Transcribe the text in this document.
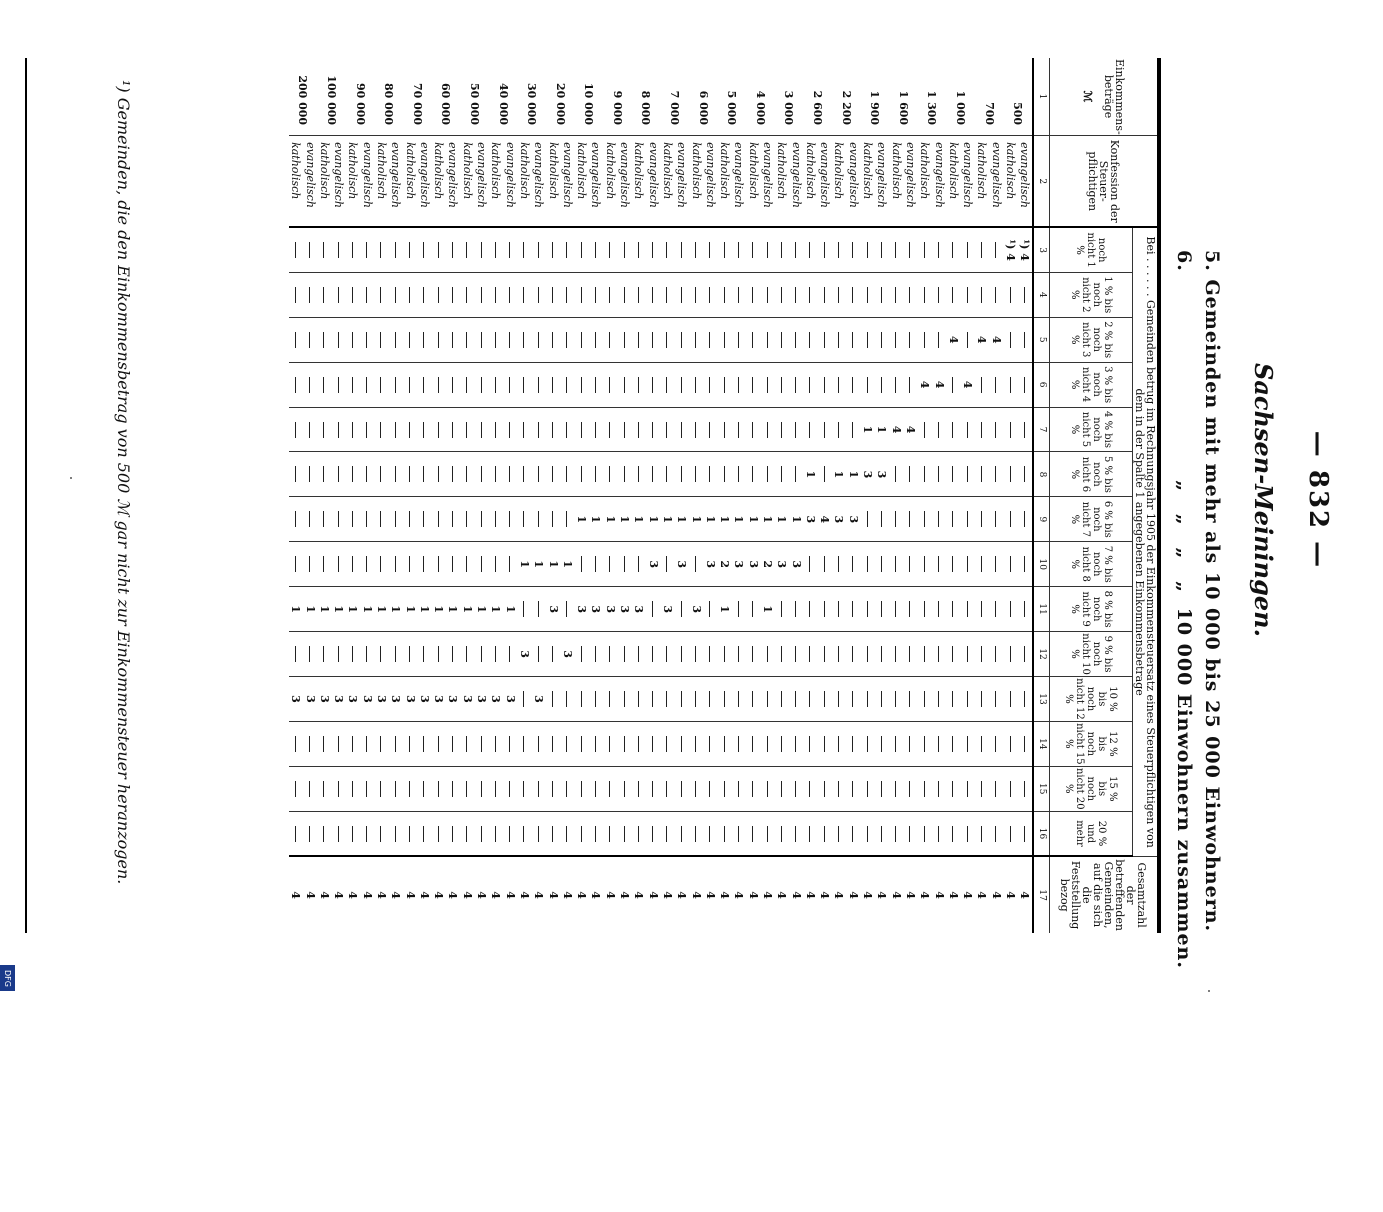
— 832 —
Sachsen-Meiningen.
5. Gemeinden mit mehr als 10 000 bis 25 000 Einwohnern.
6.  „ „ „ „ 10 000 Einwohnern zusammen.
Einkommens-beträge
ℳ	Konfession der Steuer-pflichtigen	Bei . . . . . . Gemeinden betrug im Rechnungsjahr 1905 der Einkommensteuersatz eines Steuerpflichtigen von dem in der Spalte 1 angegebenen Einkommensbetrage														Gesamtzahl der betreffenden Gemeinden, auf die sich die Feststellung bezog
		noch nicht 1 %	1 % bis noch nicht 2 %	2 % bis noch nicht 3 %	3 % bis noch nicht 4 %	4 % bis noch nicht 5 %	5 % bis noch nicht 6 %	6 % bis noch nicht 7 %	7 % bis noch nicht 8 %	8 % bis noch nicht 9 %	9 % bis noch nicht 10 %	10 % bis noch nicht 12 %	12 % bis noch nicht 15 %	15 % bis noch nicht 20 %	20 % und mehr	
1	2	3	4	5	6	7	8	9	10	11	12	13	14	15	16	17
500	evangelisch	¹) 4														4
	katholisch	¹) 4														4
700	evangelisch			4												4
	katholisch			4												4
1 000	evangelisch				4											4
	katholisch			4												4
1 300	evangelisch				4											4
	katholisch				4											4
1 600	evangelisch					4										4
	katholisch					4										4
1 900	evangelisch					1	3									4
	katholisch					1	3									4
2 200	evangelisch						1	3								4
	katholisch						1	3								4
2 600	evangelisch							4								4
	katholisch						1	3								4
3 000	evangelisch							1	3							4
	katholisch							1	3							4
4 000	evangelisch							1	2	1						4
	katholisch							1	3							4
5 000	evangelisch							1	3							4
	katholisch							1	2	1						4
6 000	evangelisch							1	3							4
	katholisch							1		3						4
7 000	evangelisch							1	3							4
	katholisch							1		3						4
8 000	evangelisch							1	3							4
	katholisch							1		3						4
9 000	evangelisch							1		3						4
	katholisch							1		3						4
10 000	evangelisch							1		3						4
	katholisch							1		3						4
20 000	evangelisch								1		3					4
	katholisch								1	3						4
30 000	evangelisch								1			3				4
	katholisch								1		3					4
40 000	evangelisch									1		3				4
	katholisch									1		3				4
50 000	evangelisch									1		3				4
	katholisch									1		3				4
60 000	evangelisch									1		3				4
	katholisch									1		3				4
70 000	evangelisch									1		3				4
	katholisch									1		3				4
80 000	evangelisch									1		3				4
	katholisch									1		3				4
90 000	evangelisch									1		3				4
	katholisch									1		3				4
100 000	evangelisch									1		3				4
	katholisch									1		3				4
200 000	evangelisch									1		3				4
	katholisch									1		3				4
¹) Gemeinden, die den Einkommensbetrag von 500 ℳ gar nicht zur Einkommensteuer heranzogen.
DFG
